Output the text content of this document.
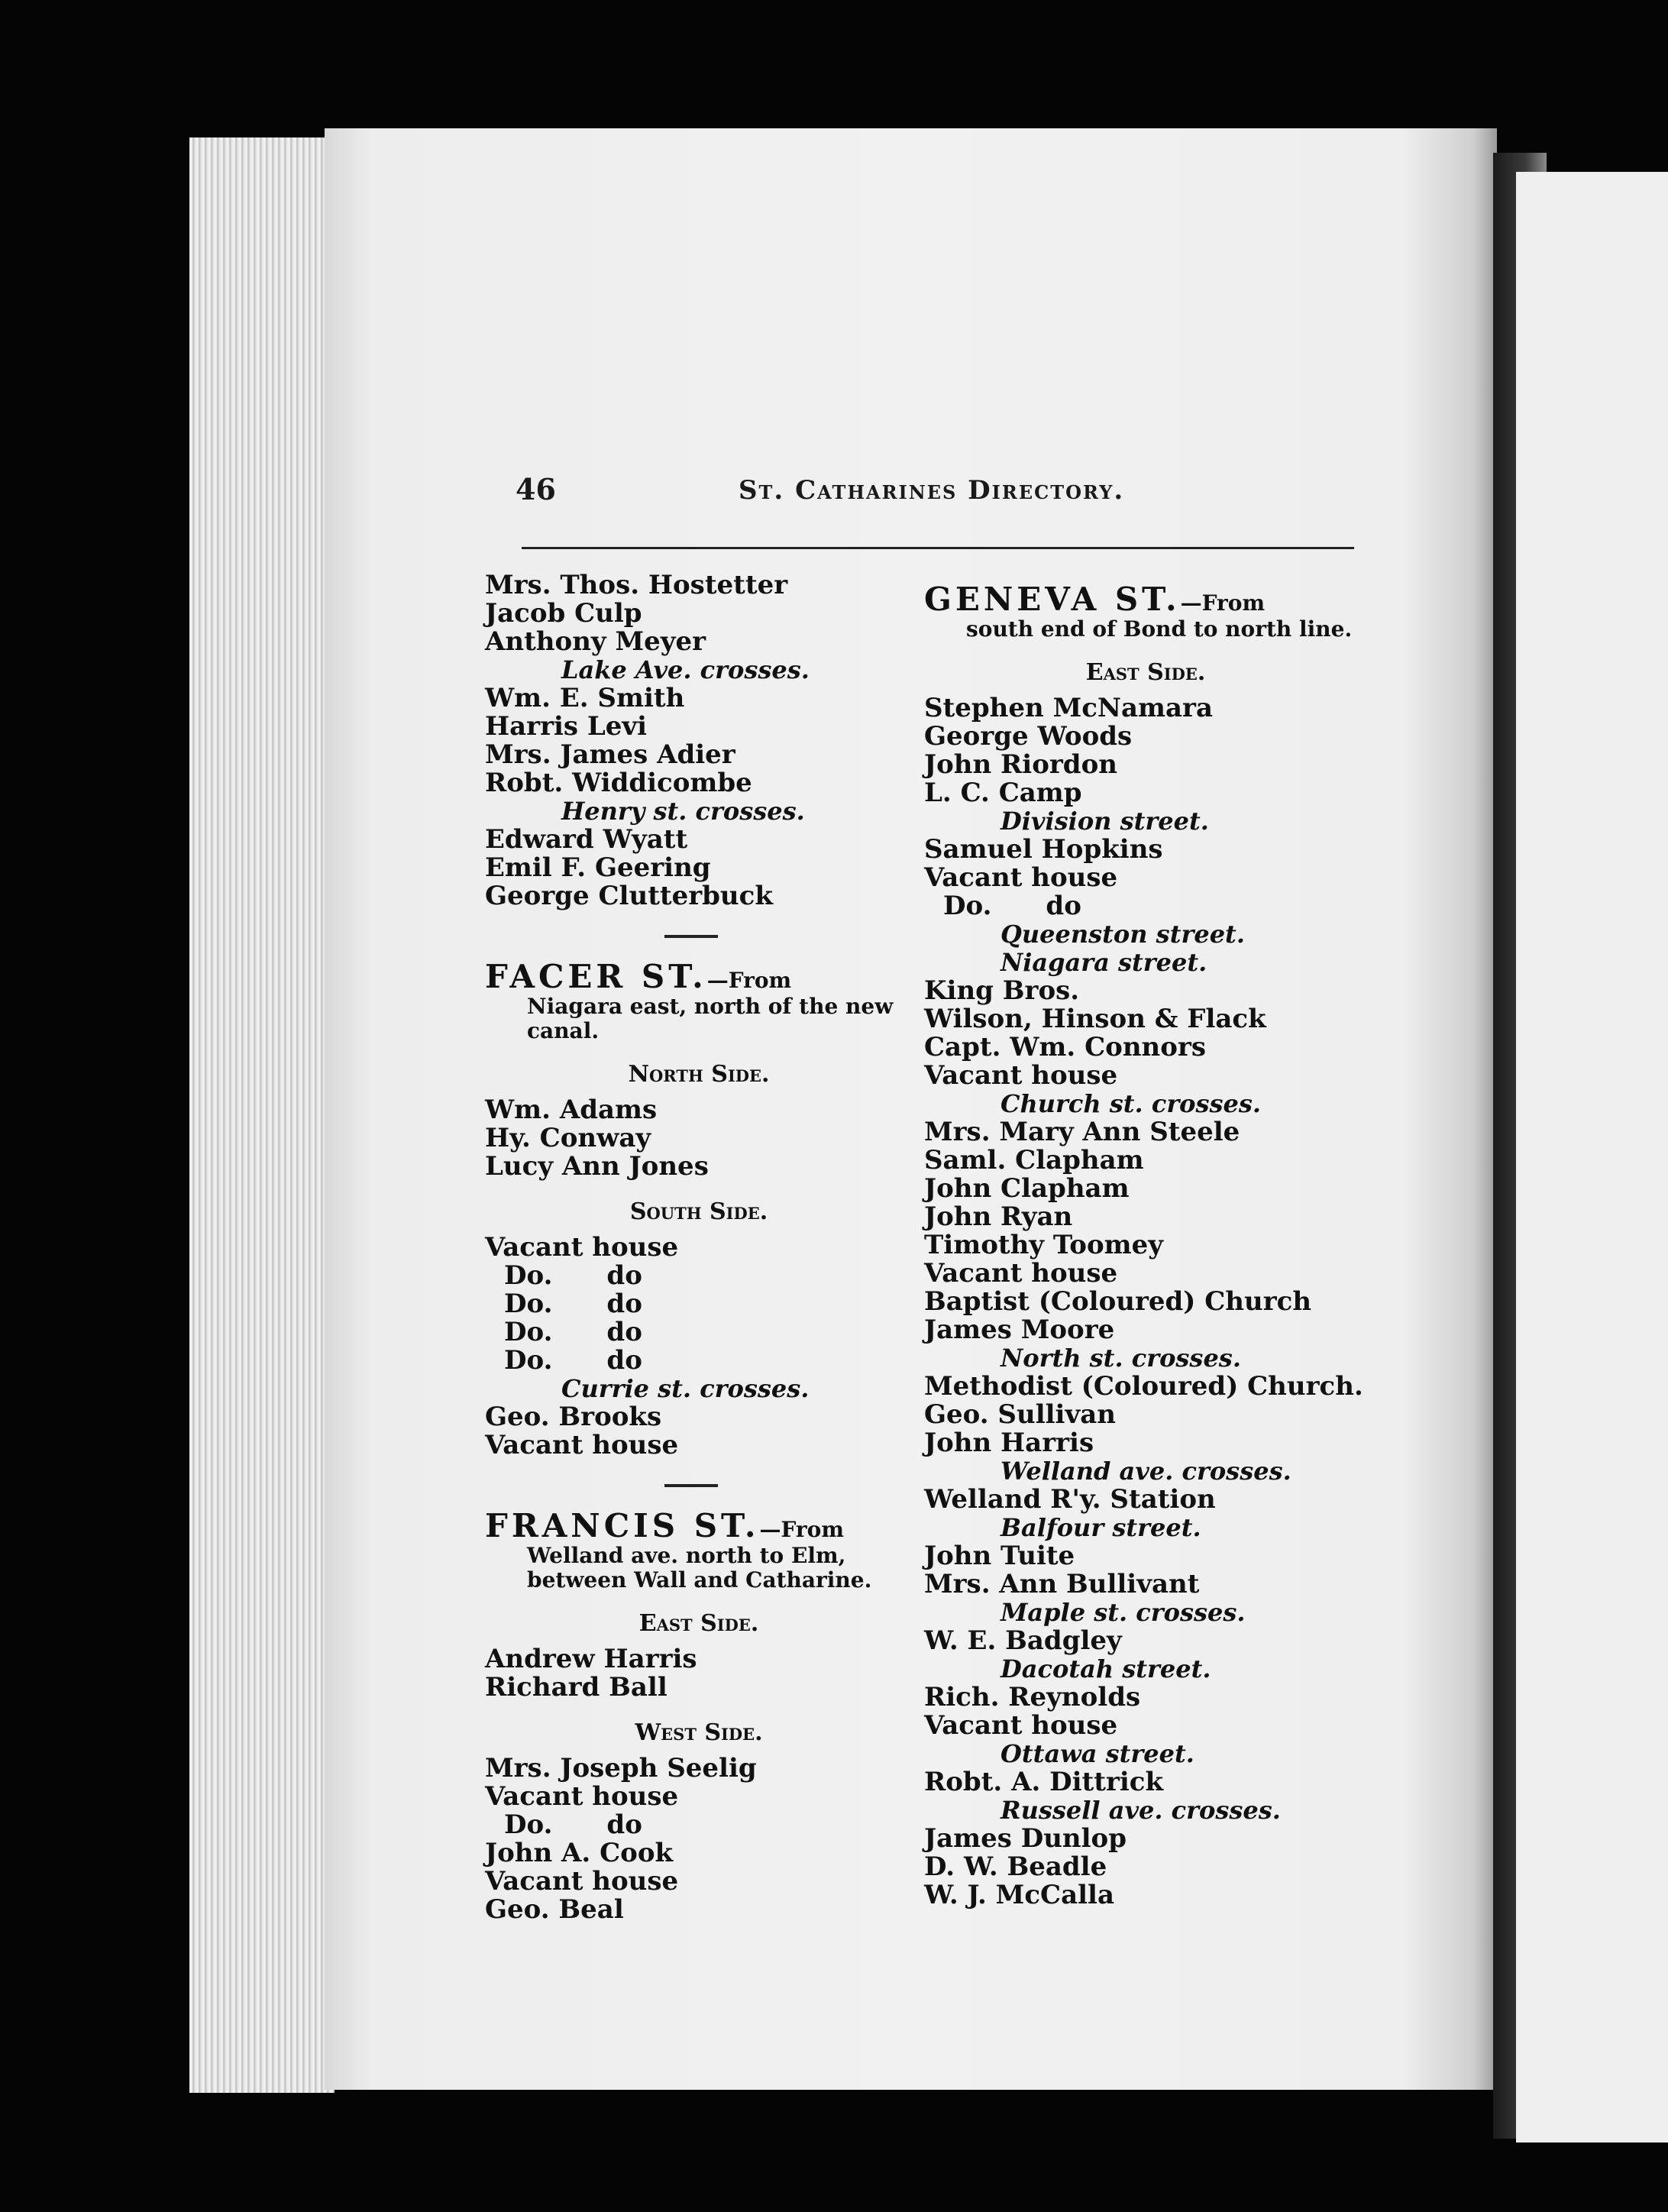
46	St. Catharines Directory.
Mrs. Thos. Hostetter
Jacob Culp
Anthony Meyer
Lake Ave. crosses.
Wm. E. Smith
Harris Levi
Mrs. James Adier
Robt. Widdicombe
Henry st. crosses.
Edward Wyatt
Emil F. Geering
George Clutterbuck
FACER ST.—From
Niagara east, north of the new
canal.
North Side.
Wm. Adams
Hy. Conway
Lucy Ann Jones
South Side.
Vacant house
Do.      do
Do.      do
Do.      do
Do.      do
Currie st. crosses.
Geo. Brooks
Vacant house
FRANCIS ST.—From
Welland ave. north to Elm,
between Wall and Catharine.
East Side.
Andrew Harris
Richard Ball
West Side.
Mrs. Joseph Seelig
Vacant house
Do.      do
John A. Cook
Vacant house
Geo. Beal
GENEVA ST.—From
south end of Bond to north line.
East Side.
Stephen McNamara
George Woods
John Riordon
L. C. Camp
Division street.
Samuel Hopkins
Vacant house
Do.      do
Queenston street.
Niagara street.
King Bros.
Wilson, Hinson & Flack
Capt. Wm. Connors
Vacant house
Church st. crosses.
Mrs. Mary Ann Steele
Saml. Clapham
John Clapham
John Ryan
Timothy Toomey
Vacant house
Baptist (Coloured) Church
James Moore
North st. crosses.
Methodist (Coloured) Church.
Geo. Sullivan
John Harris
Welland ave. crosses.
Welland R'y. Station
Balfour street.
John Tuite
Mrs. Ann Bullivant
Maple st. crosses.
W. E. Badgley
Dacotah street.
Rich. Reynolds
Vacant house
Ottawa street.
Robt. A. Dittrick
Russell ave. crosses.
James Dunlop
D. W. Beadle
W. J. McCalla
